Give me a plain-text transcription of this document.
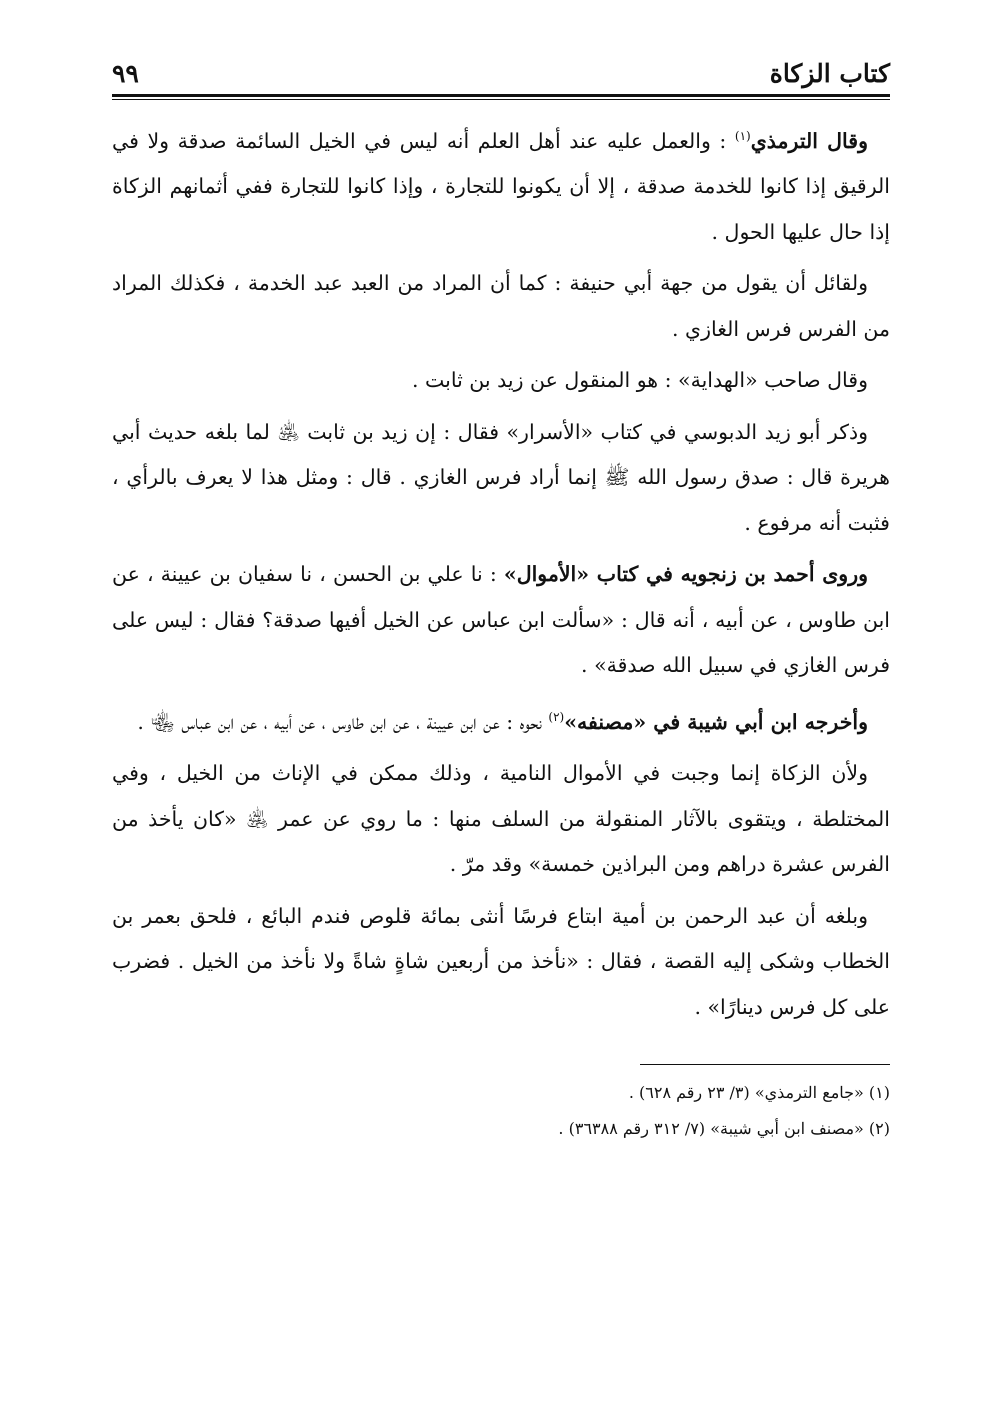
كتاب الزكاة
٩٩

وقال الترمذي$^{(١)}$ : والعمل عليه عند أهل العلم أنه ليس في الخيل السائمة صدقة ولا في الرقيق إذا كانوا للخدمة صدقة ، إلا أن يكونوا للتجارة ، وإذا كانوا للتجارة ففي أثمانهم الزكاة إذا حال عليها الحول .

ولقائل أن يقول من جهة أبي حنيفة : كما أن المراد من العبد عبد الخدمة ، فكذلك المراد من الفرس فرس الغازي .

وقال صاحب «الهداية» : هو المنقول عن زيد بن ثابت .

وذكر أبو زيد الدبوسي في كتاب «الأسرار» فقال : إن زيد بن ثابت ﵁ لما بلغه حديث أبي هريرة قال : صدق رسول الله ﷺ إنما أراد فرس الغازي . قال : ومثل هذا لا يعرف بالرأي ، فثبت أنه مرفوع .

وروى أحمد بن زنجويه في كتاب «الأموال» : نا علي بن الحسن ، نا سفيان بن عيينة ، عن ابن طاوس ، عن أبيه ، أنه قال : «سألت ابن عباس عن الخيل أفيها صدقة؟ فقال : ليس على فرس الغازي في سبيل الله صدقة» .

وأخرجه ابن أبي شيبة في «مصنفه»$^{(٢)}$ نحوه : عن ابن عيينة ، عن ابن طاوس ، عن أبيه ، عن ابن عباس ﵄ .

ولأن الزكاة إنما وجبت في الأموال النامية ، وذلك ممكن في الإناث من الخيل ، وفي المختلطة ، ويتقوى بالآثار المنقولة من السلف منها : ما روي عن عمر ﵁ «كان يأخذ من الفرس عشرة دراهم ومن البراذين خمسة» وقد مرّ .

وبلغه أن عبد الرحمن بن أمية ابتاع فرسًا أنثى بمائة قلوص فندم البائع ، فلحق بعمر بن الخطاب وشكى إليه القصة ، فقال : «نأخذ من أربعين شاةٍ شاةً ولا نأخذ من الخيل . فضرب على كل فرس دينارًا» .

(١) «جامع الترمذي» (٣/ ٢٣ رقم ٦٢٨) .
(٢) «مصنف ابن أبي شيبة» (٧/ ٣١٢ رقم ٣٦٣٨٨) .
